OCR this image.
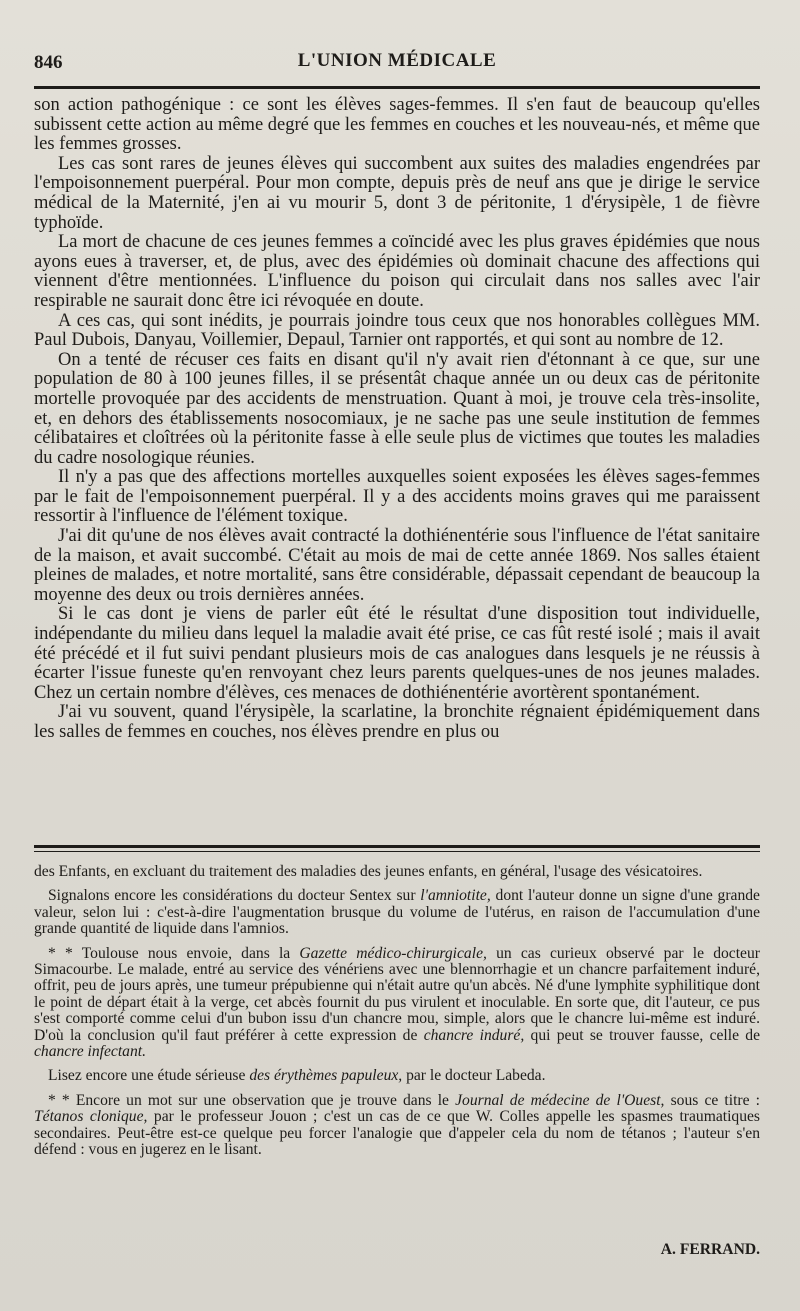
846	L'UNION MÉDICALE

son action pathogénique : ce sont les élèves sages-femmes. Il s'en faut de beaucoup qu'elles subissent cette action au même degré que les femmes en couches et les nouveau-nés, et même que les femmes grosses.

Les cas sont rares de jeunes élèves qui succombent aux suites des maladies engendrées par l'empoisonnement puerpéral. Pour mon compte, depuis près de neuf ans que je dirige le service médical de la Maternité, j'en ai vu mourir 5, dont 3 de péritonite, 1 d'érysipèle, 1 de fièvre typhoïde.

La mort de chacune de ces jeunes femmes a coïncidé avec les plus graves épidémies que nous ayons eues à traverser, et, de plus, avec des épidémies où dominait chacune des affections qui viennent d'être mentionnées. L'influence du poison qui circulait dans nos salles avec l'air respirable ne saurait donc être ici révoquée en doute.

A ces cas, qui sont inédits, je pourrais joindre tous ceux que nos honorables collègues MM. Paul Dubois, Danyau, Voillemier, Depaul, Tarnier ont rapportés, et qui sont au nombre de 12.

On a tenté de récuser ces faits en disant qu'il n'y avait rien d'étonnant à ce que, sur une population de 80 à 100 jeunes filles, il se présentât chaque année un ou deux cas de péritonite mortelle provoquée par des accidents de menstruation. Quant à moi, je trouve cela très-insolite, et, en dehors des établissements nosocomiaux, je ne sache pas une seule institution de femmes célibataires et cloîtrées où la péritonite fasse à elle seule plus de victimes que toutes les maladies du cadre nosologique réunies.

Il n'y a pas que des affections mortelles auxquelles soient exposées les élèves sages-femmes par le fait de l'empoisonnement puerpéral. Il y a des accidents moins graves qui me paraissent ressortir à l'influence de l'élément toxique.

J'ai dit qu'une de nos élèves avait contracté la dothiénentérie sous l'influence de l'état sanitaire de la maison, et avait succombé. C'était au mois de mai de cette année 1869. Nos salles étaient pleines de malades, et notre mortalité, sans être considérable, dépassait cependant de beaucoup la moyenne des deux ou trois dernières années.

Si le cas dont je viens de parler eût été le résultat d'une disposition tout individuelle, indépendante du milieu dans lequel la maladie avait été prise, ce cas fût resté isolé ; mais il avait été précédé et il fut suivi pendant plusieurs mois de cas analogues dans lesquels je ne réussis à écarter l'issue funeste qu'en renvoyant chez leurs parents quelques-unes de nos jeunes malades. Chez un certain nombre d'élèves, ces menaces de dothiénentérie avortèrent spontanément.

J'ai vu souvent, quand l'érysipèle, la scarlatine, la bronchite régnaient épidémiquement dans les salles de femmes en couches, nos élèves prendre en plus ou

des Enfants, en excluant du traitement des maladies des jeunes enfants, en général, l'usage des vésicatoires.

Signalons encore les considérations du docteur Sentex sur l'amniotite, dont l'auteur donne un signe d'une grande valeur, selon lui : c'est-à-dire l'augmentation brusque du volume de l'utérus, en raison de l'accumulation d'une grande quantité de liquide dans l'amnios.

* * Toulouse nous envoie, dans la Gazette médico-chirurgicale, un cas curieux observé par le docteur Simacourbe. Le malade, entré au service des vénériens avec une blennorrhagie et un chancre parfaitement induré, offrit, peu de jours après, une tumeur prépubienne qui n'était autre qu'un abcès. Né d'une lymphite syphilitique dont le point de départ était à la verge, cet abcès fournit du pus virulent et inoculable. En sorte que, dit l'auteur, ce pus s'est comporté comme celui d'un bubon issu d'un chancre mou, simple, alors que le chancre lui-même est induré. D'où la conclusion qu'il faut préférer à cette expression de chancre induré, qui peut se trouver fausse, celle de chancre infectant.

Lisez encore une étude sérieuse des érythèmes papuleux, par le docteur Labeda.

* * Encore un mot sur une observation que je trouve dans le Journal de médecine de l'Ouest, sous ce titre : Tétanos clonique, par le professeur Jouon ; c'est un cas de ce que W. Colles appelle les spasmes traumatiques secondaires. Peut-être est-ce quelque peu forcer l'analogie que d'appeler cela du nom de tétanos ; l'auteur s'en défend : vous en jugerez en le lisant.

A. FERRAND.
